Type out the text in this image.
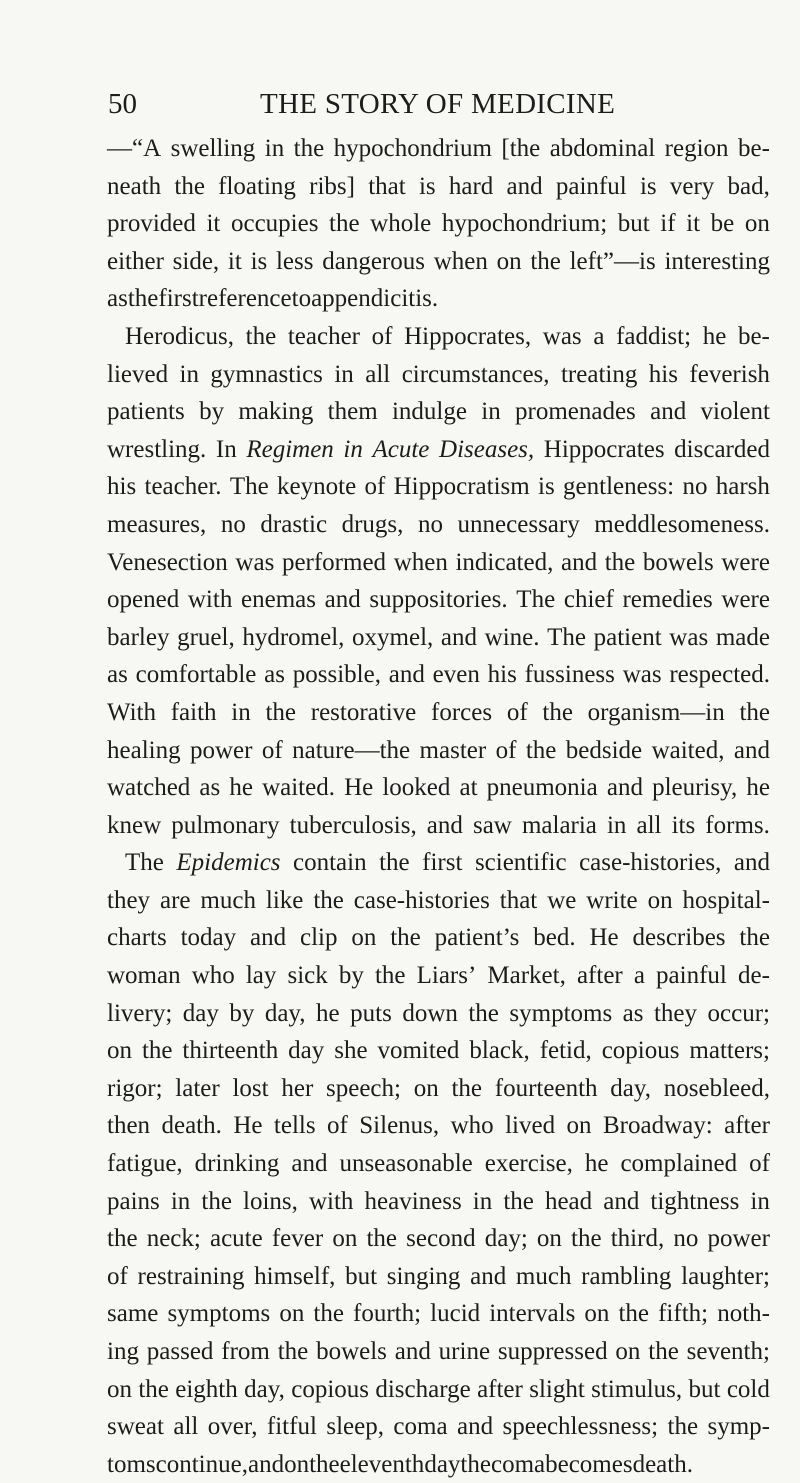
50	THE STORY OF MEDICINE
—“A swelling in the hypochondrium [the abdominal region be-
neath the floating ribs] that is hard and painful is very bad,
provided it occupies the whole hypochondrium; but if it be on
either side, it is less dangerous when on the left”—is interesting
as the first reference to appendicitis.
Herodicus, the teacher of Hippocrates, was a faddist; he be-
lieved in gymnastics in all circumstances, treating his feverish
patients by making them indulge in promenades and violent
wrestling. In Regimen in Acute Diseases, Hippocrates discarded
his teacher. The keynote of Hippocratism is gentleness: no harsh
measures, no drastic drugs, no unnecessary meddlesomeness.
Venesection was performed when indicated, and the bowels were
opened with enemas and suppositories. The chief remedies were
barley gruel, hydromel, oxymel, and wine. The patient was made
as comfortable as possible, and even his fussiness was respected.
With faith in the restorative forces of the organism—in the
healing power of nature—the master of the bedside waited, and
watched as he waited. He looked at pneumonia and pleurisy, he
knew pulmonary tuberculosis, and saw malaria in all its forms.
The Epidemics contain the first scientific case-histories, and
they are much like the case-histories that we write on hospital-
charts today and clip on the patient’s bed. He describes the
woman who lay sick by the Liars’ Market, after a painful de-
livery; day by day, he puts down the symptoms as they occur;
on the thirteenth day she vomited black, fetid, copious matters;
rigor; later lost her speech; on the fourteenth day, nosebleed,
then death. He tells of Silenus, who lived on Broadway: after
fatigue, drinking and unseasonable exercise, he complained of
pains in the loins, with heaviness in the head and tightness in
the neck; acute fever on the second day; on the third, no power
of restraining himself, but singing and much rambling laughter;
same symptoms on the fourth; lucid intervals on the fifth; noth-
ing passed from the bowels and urine suppressed on the seventh;
on the eighth day, copious discharge after slight stimulus, but cold
sweat all over, fitful sleep, coma and speechlessness; the symp-
toms continue, and on the eleventh day the coma becomes death.
